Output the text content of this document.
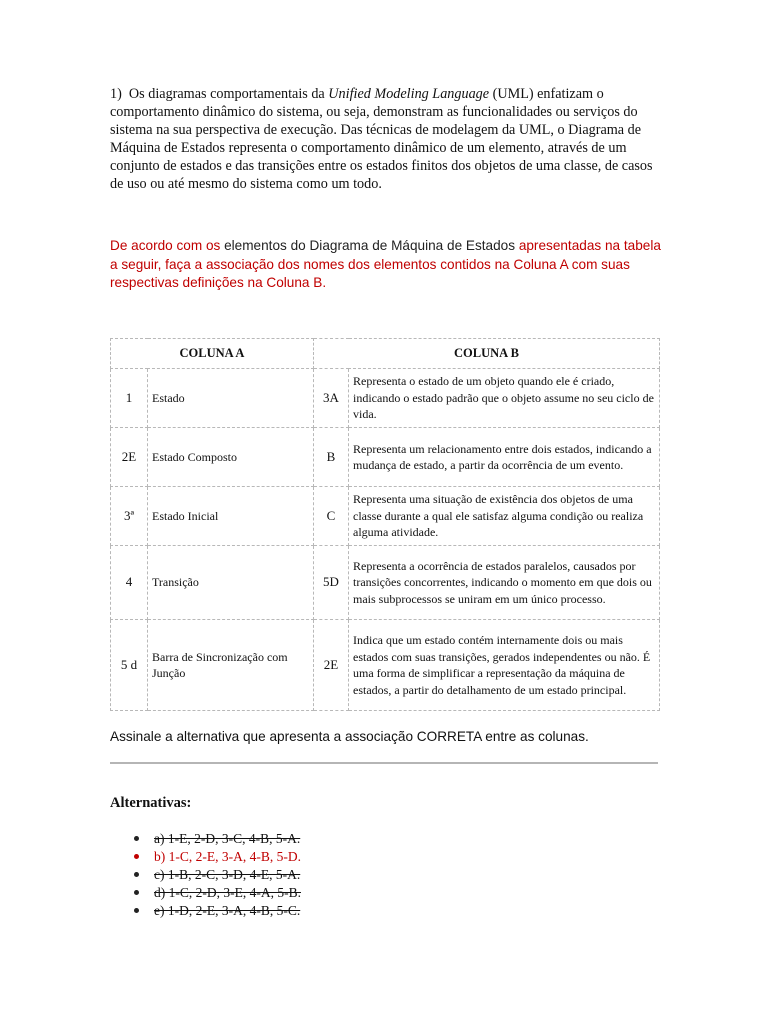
1) Os diagramas comportamentais da Unified Modeling Language (UML) enfatizam o comportamento dinâmico do sistema, ou seja, demonstram as funcionalidades ou serviços do sistema na sua perspectiva de execução. Das técnicas de modelagem da UML, o Diagrama de Máquina de Estados representa o comportamento dinâmico de um elemento, através de um conjunto de estados e das transições entre os estados finitos dos objetos de uma classe, de casos de uso ou até mesmo do sistema como um todo.

De acordo com os elementos do Diagrama de Máquina de Estados apresentadas na tabela a seguir, faça a associação dos nomes dos elementos contidos na Coluna A com suas respectivas definições na Coluna B.

COLUNA A		COLUNA B	
1	Estado	3A	Representa o estado de um objeto quando ele é criado, indicando o estado padrão que o objeto assume no seu ciclo de vida.
2E	Estado Composto	B	Representa um relacionamento entre dois estados, indicando a mudança de estado, a partir da ocorrência de um evento.
3ª	Estado Inicial	C	Representa uma situação de existência dos objetos de uma classe durante a qual ele satisfaz alguma condição ou realiza alguma atividade.
4	Transição	5D	Representa a ocorrência de estados paralelos, causados por transições concorrentes, indicando o momento em que dois ou mais subprocessos se uniram em um único processo.
5 d	Barra de Sincronização com Junção	2E	Indica que um estado contém internamente dois ou mais estados com suas transições, gerados independentes ou não. É uma forma de simplificar a representação da máquina de estados, a partir do detalhamento de um estado principal.

Assinale a alternativa que apresenta a associação CORRETA entre as colunas.

Alternativas:

a) 1-E, 2-D, 3-C, 4-B, 5-A.
b) 1-C, 2-E, 3-A, 4-B, 5-D.
c) 1-B, 2-C, 3-D, 4-E, 5-A.
d) 1-C, 2-D, 3-E, 4-A, 5-B.
e) 1-D, 2-E, 3-A, 4-B, 5-C.
